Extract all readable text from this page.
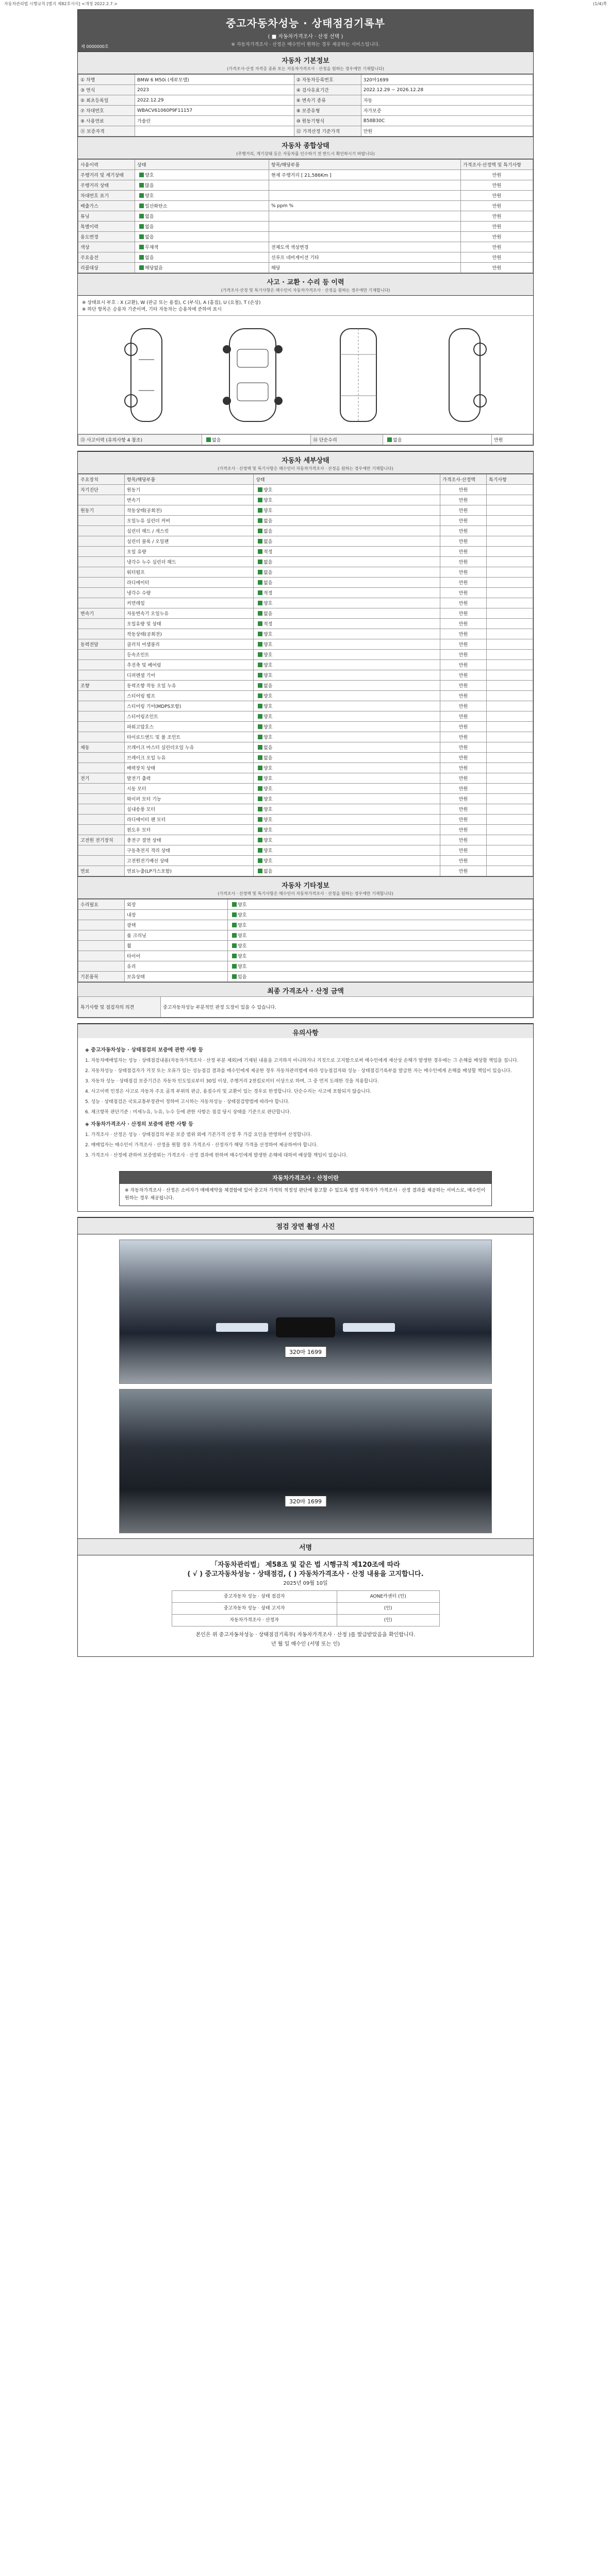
자동차관리법 시행규칙 [별지 제82호서식] <개정 2022.2.7.>	(1/4)쪽
중고자동차성능 · 상태점검기록부
( ■ 자동차가격조사 · 산정 선택 )
※ 자동차가격조사 · 산정은 매수인이 원하는 경우 제공하는 서비스입니다.
제 0000000호
자동차 기본정보
(가격조사·산정 자격증 종류 또는 자동차가격조사 · 산정을 원하는 경우에만 기재합니다)
① 차명	BMW 6 M50i (세부모델)	② 자동차등록번호	320마1699
③ 연식	2023	④ 검사유효기간	2022.12.29 ~ 2026.12.28
⑤ 최초등록일	2022.12.29	⑥ 변속기 종류	자동
⑦ 차대번호	WBACV61060P9F11157	⑧ 보증유형	자가보증
⑨ 사용연료	가솔린	⑩ 원동기형식	B58B30C
⑪ 보증자격		⑫ 가격산정 기준가격	만원
자동차 종합상태
(주행거리, 계기상태 등은 자동차를 인수하기 전 반드시 확인하시기 바랍니다)
사용이력	상태	항목/해당부품	가격조사·산정액 및 특기사항
주행거리 및 계기상태	양호	현재 주행거리 [ 21,586Km ]	만원
주행거리 상태	많음		만원
차대번호 표기	양호		만원
배출가스	일산화탄소	% ppm %	만원
튜닝	없음		만원
특별이력	없음		만원
용도변경	없음		만원
색상	무채색	전체도색 색상변경	만원
주요옵션	없음	선루프 네비게이션 기타	만원
리콜대상	해당없음	해당	만원
사고 · 교환 · 수리 등 이력
(가격조사·산정 및 특기사항은 매수인이 자동차가격조사 · 산정을 원하는 경우에만 기재합니다)
※ 상태표시 부호 : X (교환), W (판금 또는 용접), C (부식), A (흠집), U (요철), T (손상)
※ 하단 항목은 승용차 기준이며, 기타 자동차는 승용차에 준하여 표시
⑬ 사고이력 (유의사항 4 참조)	없음	⑭ 단순수리	없음	만원
자동차 세부상태
(가격조사 · 산정액 및 특기사항은 매수인이 자동차가격조사 · 산정을 원하는 경우에만 기재합니다)
주요장치	항목/해당부품	상태	가격조사·산정액	특기사항
자기진단	원동기	양호	만원	
	변속기	양호	만원	
원동기	작동상태(공회전)	양호	만원	
	오일누유 실린더 커버	없음	만원	
	실린더 헤드 / 개스킷	없음	만원	
	실린더 블록 / 오일팬	없음	만원	
	오일 유량	적정	만원	
	냉각수 누수 실린더 헤드	없음	만원	
	워터펌프	없음	만원	
	라디에이터	없음	만원	
	냉각수 수량	적정	만원	
	커먼레일	양호	만원	
변속기	자동변속기 오일누유	없음	만원	
	오일유량 및 상태	적정	만원	
	작동상태(공회전)	양호	만원	
동력전달	클러치 어셈블리	양호	만원	
	등속조인트	양호	만원	
	추진축 및 베어링	양호	만원	
	디퍼렌셜 기어	양호	만원	
조향	동력조향 작동 오일 누유	없음	만원	
	스티어링 펌프	양호	만원	
	스티어링 기어(MDPS포함)	양호	만원	
	스티어링조인트	양호	만원	
	파워고압호스	양호	만원	
	타이로드엔드 및 볼 조인트	양호	만원	
제동	브레이크 마스터 실린더오일 누유	없음	만원	
	브레이크 오일 누유	없음	만원	
	배력장치 상태	양호	만원	
전기	발전기 출력	양호	만원	
	시동 모터	양호	만원	
	와이퍼 모터 기능	양호	만원	
	실내송풍 모터	양호	만원	
	라디에이터 팬 모터	양호	만원	
	윈도우 모터	양호	만원	
고전원 전기장치	충전구 절연 상태	양호	만원	
	구동축전지 격리 상태	양호	만원	
	고전원전기배선 상태	양호	만원	
연료	연료누출(LP가스포함)	없음	만원	
자동차 기타정보
(가격조사 · 산정액 및 특기사항은 매수인이 자동차가격조사 · 산정을 원하는 경우에만 기재합니다)
수리필요	외장	양호
	내장	양호
	광택	양호
	룸 크리닝	양호
	휠	양호
	타이어	양호
	유리	양호
기본품목	보유상태	있음
최종 가격조사 · 산정 금액
특기사항 및 점검자의 의견	중고자동차성능 부분적인 판정 도장이 있을 수 있습니다.
유의사항
◈ 중고자동차성능 · 상태점검의 보증에 관한 사항 등

1. 자동차매매업자는 성능 · 상태점검내용(자동차가격조사 · 산정 부분 제외)에 기재된 내용을 고지하지 아니하거나 거짓으로 고지함으로써 매수인에게 재산상 손해가 발생한 경우에는 그 손해를 배상할 책임을 집니다.

2. 자동차성능 · 상태점검자가 거짓 또는 오류가 있는 성능점검 결과를 매수인에게 제공한 경우 자동차관리법에 따라 성능점검자와 성능 · 상태점검기록부를 발급한 자는 매수인에게 손해를 배상할 책임이 있습니다.

3. 자동차 성능 · 상태점검 보증기간은 자동차 인도일로부터 30일 이상, 주행거리 2천킬로미터 이상으로 하며, 그 중 먼저 도래한 것을 적용합니다.

4. 사고이력 인정은 사고로 자동차 주요 골격 부위의 판금, 용접수리 및 교환이 있는 경우로 한정합니다. 단순수리는 사고에 포함되지 않습니다.

5. 성능 · 상태점검은 국토교통부장관이 정하여 고시하는 자동차성능 · 상태점검방법에 따라야 합니다.

6. 체크항목 판단기준 : 미세누유, 누유, 누수 등에 관한 사항은 점검 당시 상태를 기준으로 판단합니다.

◈ 자동차가격조사 · 산정의 보증에 관한 사항 등

1. 가격조사 · 산정은 성능 · 상태점검의 부분 보증 범위 외에 기본가격 산정 후 가감 요인을 반영하여 산정합니다.

2. 매매업자는 매수인이 가격조사 · 산정을 원할 경우 가격조사 · 산정자가 해당 가격을 산정하여 제공하여야 합니다.

3. 가격조사 · 산정에 관하여 보증범위는 가격조사 · 산정 결과에 한하며 매수인에게 발생한 손해에 대하여 배상할 책임이 있습니다.

자동차가격조사 · 산정이란
※ 자동차가격조사 · 산정은 소비자가 매매계약을 체결함에 있어 중고차 가격의 적정성 판단에 참고할 수 있도록 법정 자격자가 가격조사 · 산정 결과를 제공하는 서비스로, 매수인이 원하는 경우 제공됩니다.
점검 장면 촬영 사진
320마 1699
320마 1699
서명
「자동차관리법」 제58조 및 같은 법 시행규칙 제120조에 따라
( √ ) 중고자동차성능 · 상태점검, ( ) 자동차가격조사 · 산정 내용을 고지합니다.
2025년 09월 10일
중고자동차 성능 · 상태 점검자	AONE카센터 (인)
중고자동차 성능 · 상태 고지자	(인)
자동차가격조사 · 산정자	(인)
본인은 위 중고자동차성능 · 상태점검기록부( 자동차가격조사 · 산정 )를 발급받았음을 확인합니다.
년 월 일 매수인 (서명 또는 인)
